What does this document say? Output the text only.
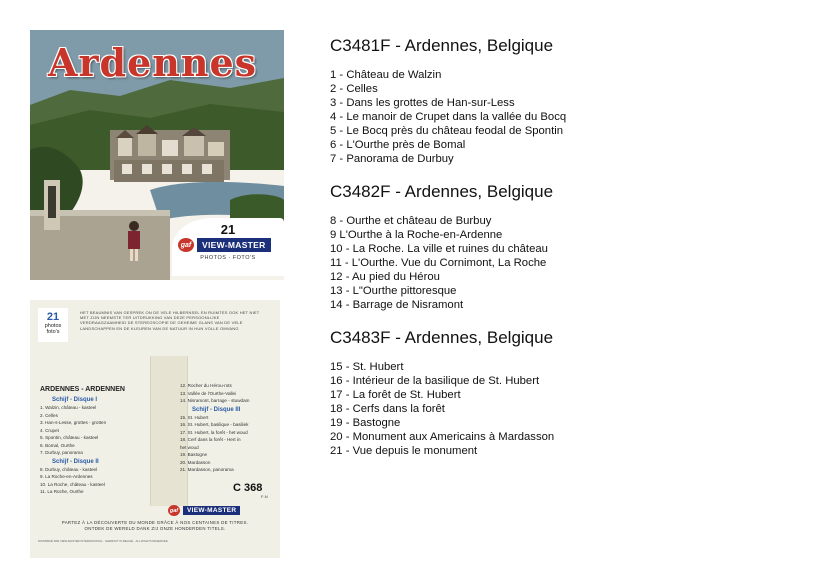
Ardennes
21
gaf	VIEW-MASTER
PHOTOS · FOTO'S
21
photos
foto's
HET BEAUMNIS VAN GESPREK ON DE VELE HILBERNSEL EN RUIMTES OOK HET NIET MET ZIJN NEEMSTE TER UITDRUKKING VAN DEZE PERSOONLIJKE VERDRAAGZAAMHEID DE STEREOSCOPIE DE GEHEIME GLANS VAN DE VELE LANDSCHAPPEN EN DE KLEUREN VAN DE NATUUR IN HUN VOLLE OMVANG
ARDENNES - ARDENNEN
Schijf - Disque I
1. Walzin, château - kasteel
2. Celles
3. Han-s-Lesse, grottes - grotten
4. Crupet
5. Spontin, château - kasteel
6. Bomal, Ourthe
7. Durbuy, panorama
Schijf - Disque II
8. Durbuy, château - kasteel
9. La Roche-en-Ardennes
10. La Roche, château - kasteel
11. La Roche, Ourthe
12. Rocher du Hérou-rots
13. Vallée de l'Ourthe-Vallei
14. Nisramont, barrage - stuwdam
Schijf - Disque III
15. St. Hubert
16. St. Hubert, basilique - basiliek
17. St. Hubert, la forêt - het woud
18. Cerf dans la forêt - Hert in
het woud
19. Bastogne
20. Mardasson
21. Mardasson, panorama
C 368
F-N
gaf	VIEW-MASTER
PARTEZ À LA DÉCOUVERTE DU MONDE GRÂCE À NOS CENTAINES DE TITRES.
ONTDEK DE WERELD DANK ZIJ ONZE HONDERDEN TITELS.
DISTRIBUÉ PAR VIEW-MASTER INTERNATIONAL · GEDRUKT IN BELGIË · ALL RIGHTS RESERVED
C3481F - Ardennes, Belgique
1 - Château de Walzin
2 - Celles
3 - Dans les grottes de Han-sur-Less
4 - Le manoir de Crupet dans la vallée du Bocq
5 - Le Bocq près du château feodal de Spontin
6 - L'Ourthe près de Bomal
7 - Panorama de Durbuy
C3482F - Ardennes, Belgique
8 - Ourthe et château de Burbuy
9 L'Ourthe à la Roche-en-Ardenne
10 - La Roche. La ville et ruines du château
11 - L'Ourthe. Vue du Cornimont, La Roche
12 - Au pied du Hérou
13 - L"Ourthe pittoresque
14 - Barrage de Nisramont
C3483F - Ardennes, Belgique
15 - St. Hubert
16 - Intérieur de la basilique de St. Hubert
17 - La forêt de St. Hubert
18 - Cerfs dans la forêt
19 - Bastogne
20 - Monument aux Americains à Mardasson
21 - Vue depuis le monument
